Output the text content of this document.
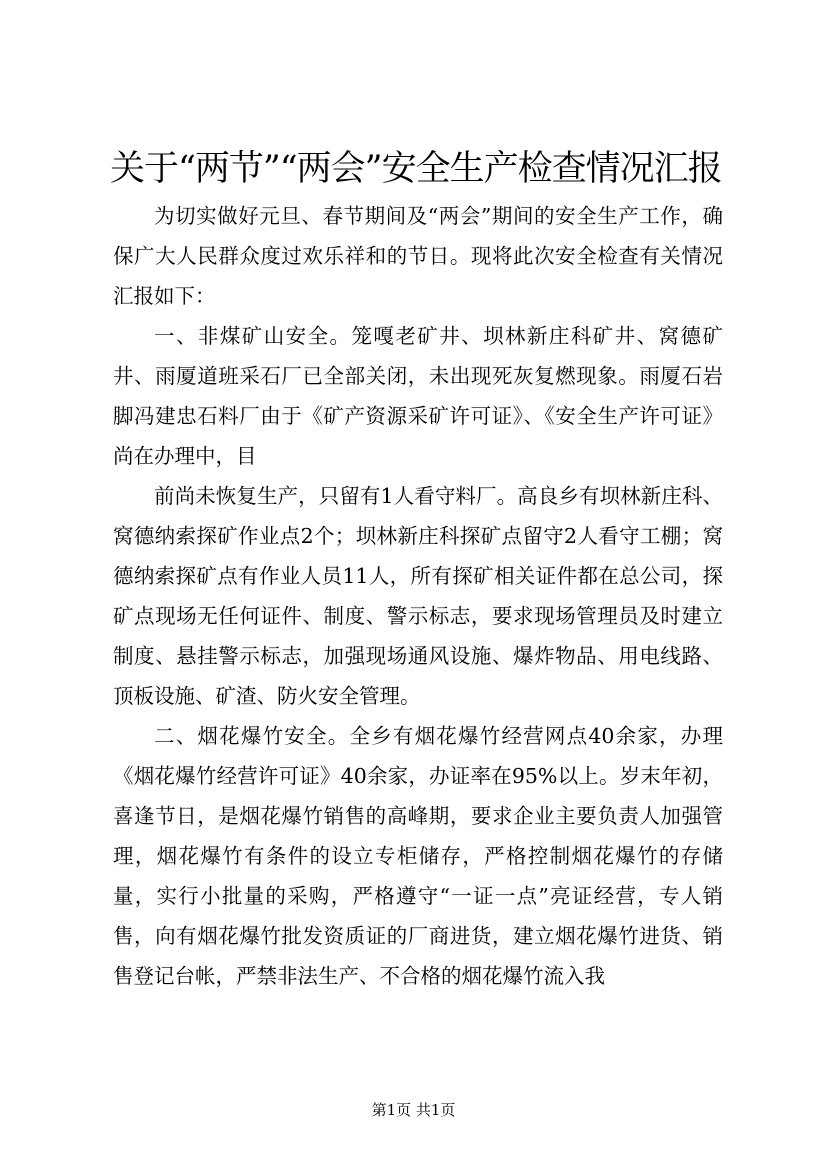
关于“两节”“两会”安全生产检查情况汇报

为切实做好元旦、春节期间及“两会”期间的安全生产工作，确保广大人民群众度过欢乐祥和的节日。现将此次安全检查有关情况汇报如下：

一、非煤矿山安全。笼嘎老矿井、坝林新庄科矿井、窝德矿井、雨厦道班采石厂已全部关闭，未出现死灰复燃现象。雨厦石岩脚冯建忠石料厂由于《矿产资源采矿许可证》、《安全生产许可证》尚在办理中，目

前尚未恢复生产，只留有1人看守料厂。高良乡有坝林新庄科、窝德纳索探矿作业点2个；坝林新庄科探矿点留守2人看守工棚；窝德纳索探矿点有作业人员11人，所有探矿相关证件都在总公司，探矿点现场无任何证件、制度、警示标志，要求现场管理员及时建立制度、悬挂警示标志，加强现场通风设施、爆炸物品、用电线路、顶板设施、矿渣、防火安全管理。

二、烟花爆竹安全。全乡有烟花爆竹经营网点40余家，办理《烟花爆竹经营许可证》40余家，办证率在95%以上。岁末年初，喜逢节日，是烟花爆竹销售的高峰期，要求企业主要负责人加强管理，烟花爆竹有条件的设立专柜储存，严格控制烟花爆竹的存储量，实行小批量的采购，严格遵守“一证一点”亮证经营，专人销售，向有烟花爆竹批发资质证的厂商进货，建立烟花爆竹进货、销售登记台帐，严禁非法生产、不合格的烟花爆竹流入我

第1页 共1页
